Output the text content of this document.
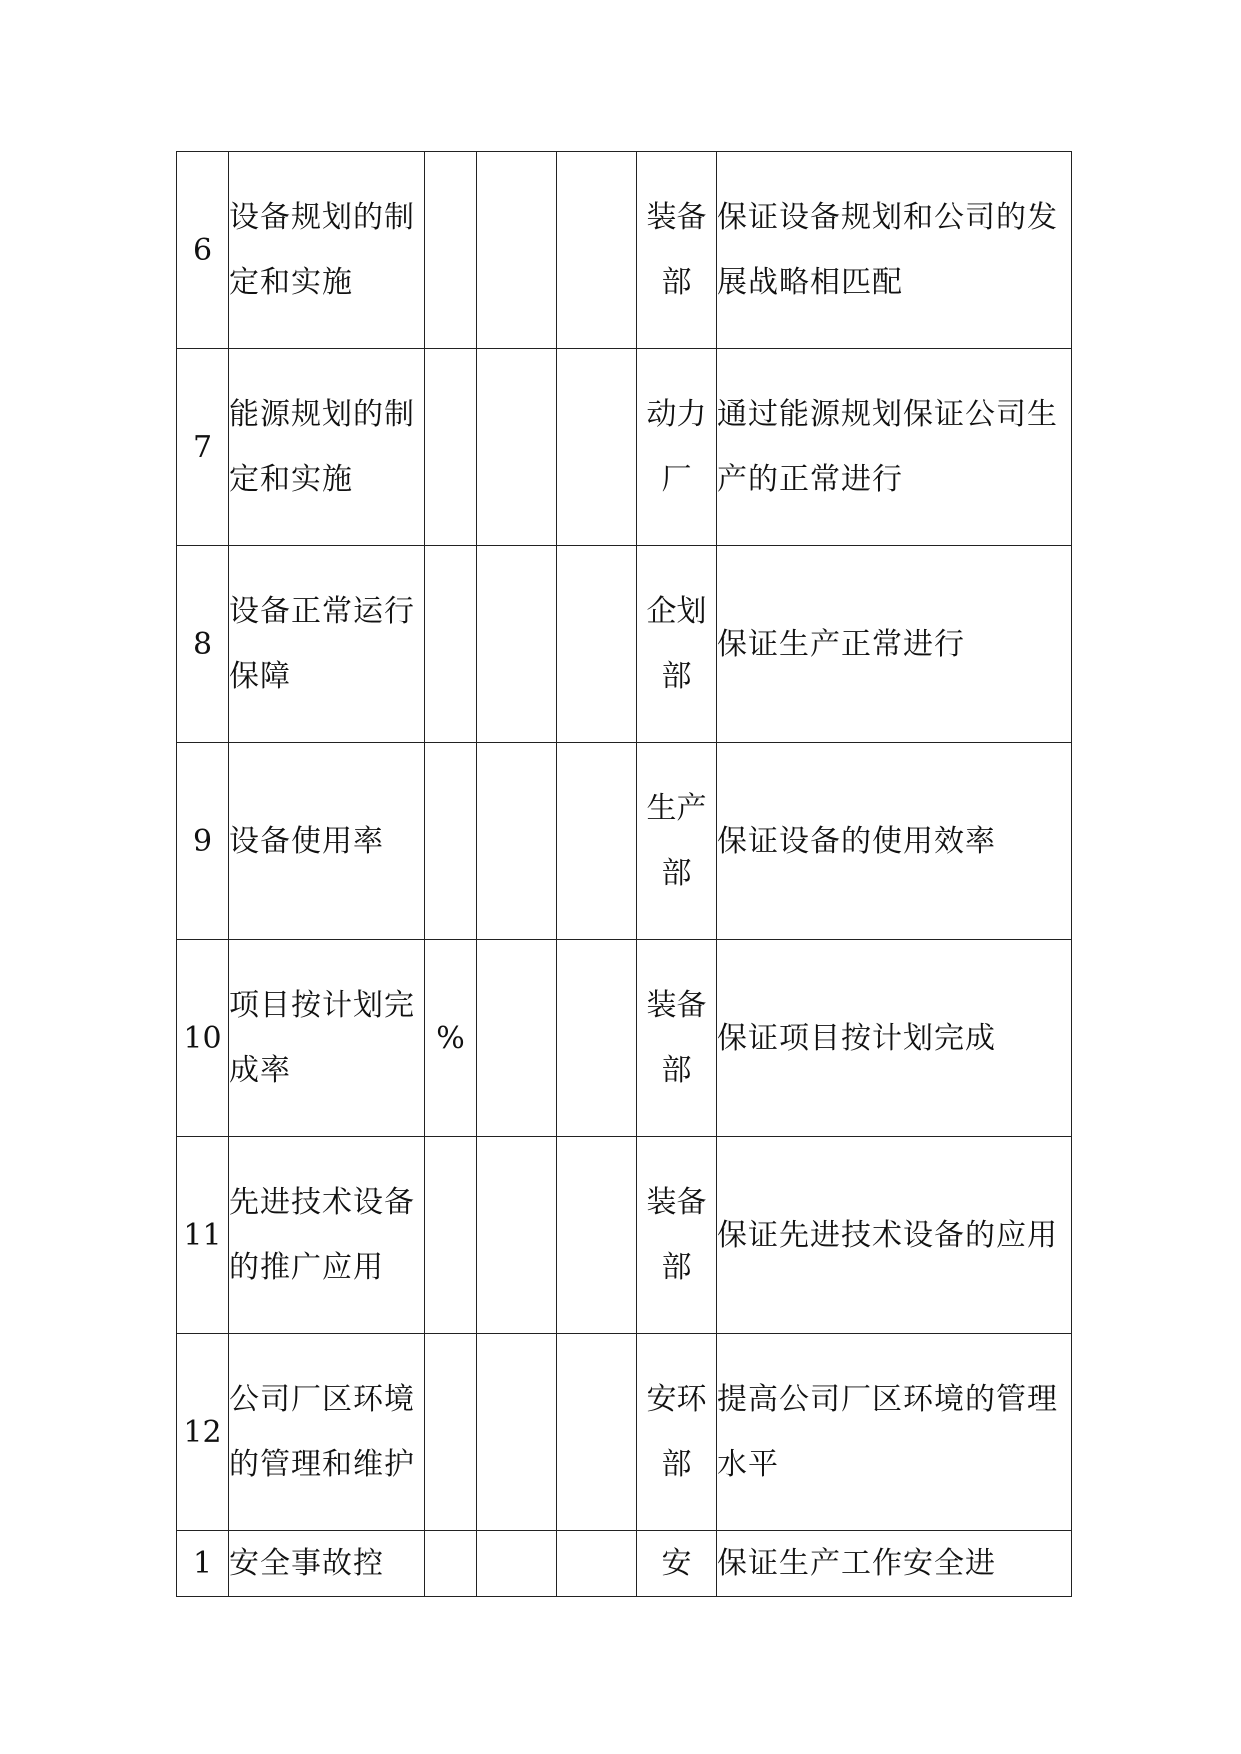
6	设备规划的制定和实施				装备部	保证设备规划和公司的发展战略相匹配
7	能源规划的制定和实施				动力厂	通过能源规划保证公司生产的正常进行
8	设备正常运行保障				企划部	保证生产正常进行
9	设备使用率				生产部	保证设备的使用效率
10	项目按计划完成率	%			装备部	保证项目按计划完成
11	先进技术设备的推广应用				装备部	保证先进技术设备的应用
12	公司厂区环境的管理和维护				安环部	提高公司厂区环境的管理水平
1	安全事故控				安	保证生产工作安全进
